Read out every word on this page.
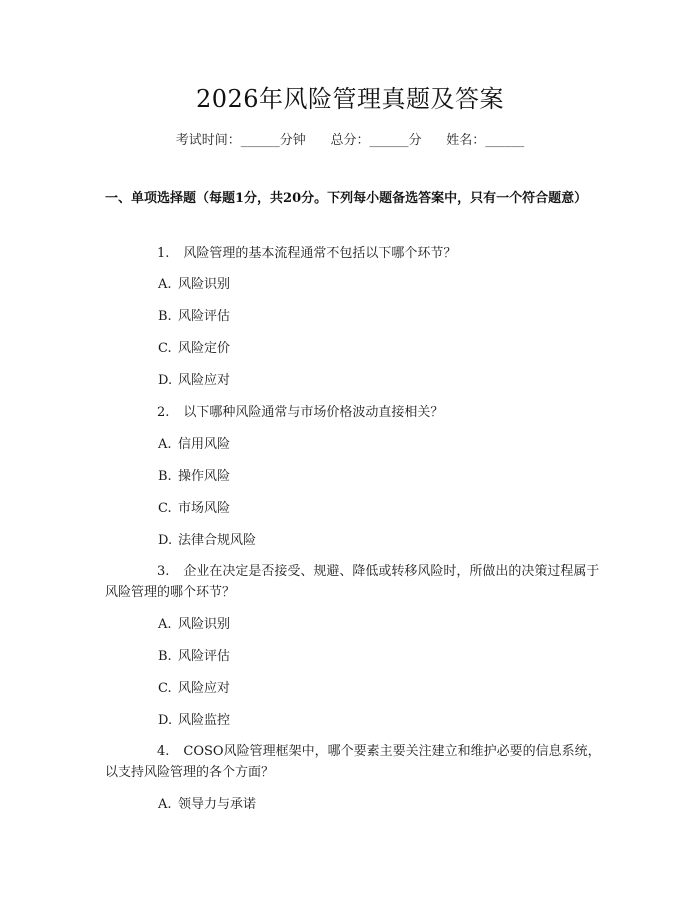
2026年风险管理真题及答案
考试时间：______分钟      总分：______分      姓名：______
一、单项选择题（每题1分，共20分。下列每小题备选答案中，只有一个符合题意）
1. 风险管理的基本流程通常不包括以下哪个环节？
A. 风险识别
B. 风险评估
C. 风险定价
D. 风险应对
2. 以下哪种风险通常与市场价格波动直接相关？
A. 信用风险
B. 操作风险
C. 市场风险
D. 法律合规风险
3. 企业在决定是否接受、规避、降低或转移风险时，所做出的决策过程属于风险管理的哪个环节？
A. 风险识别
B. 风险评估
C. 风险应对
D. 风险监控
4. COSO风险管理框架中，哪个要素主要关注建立和维护必要的信息系统，以支持风险管理的各个方面？
A. 领导力与承诺
